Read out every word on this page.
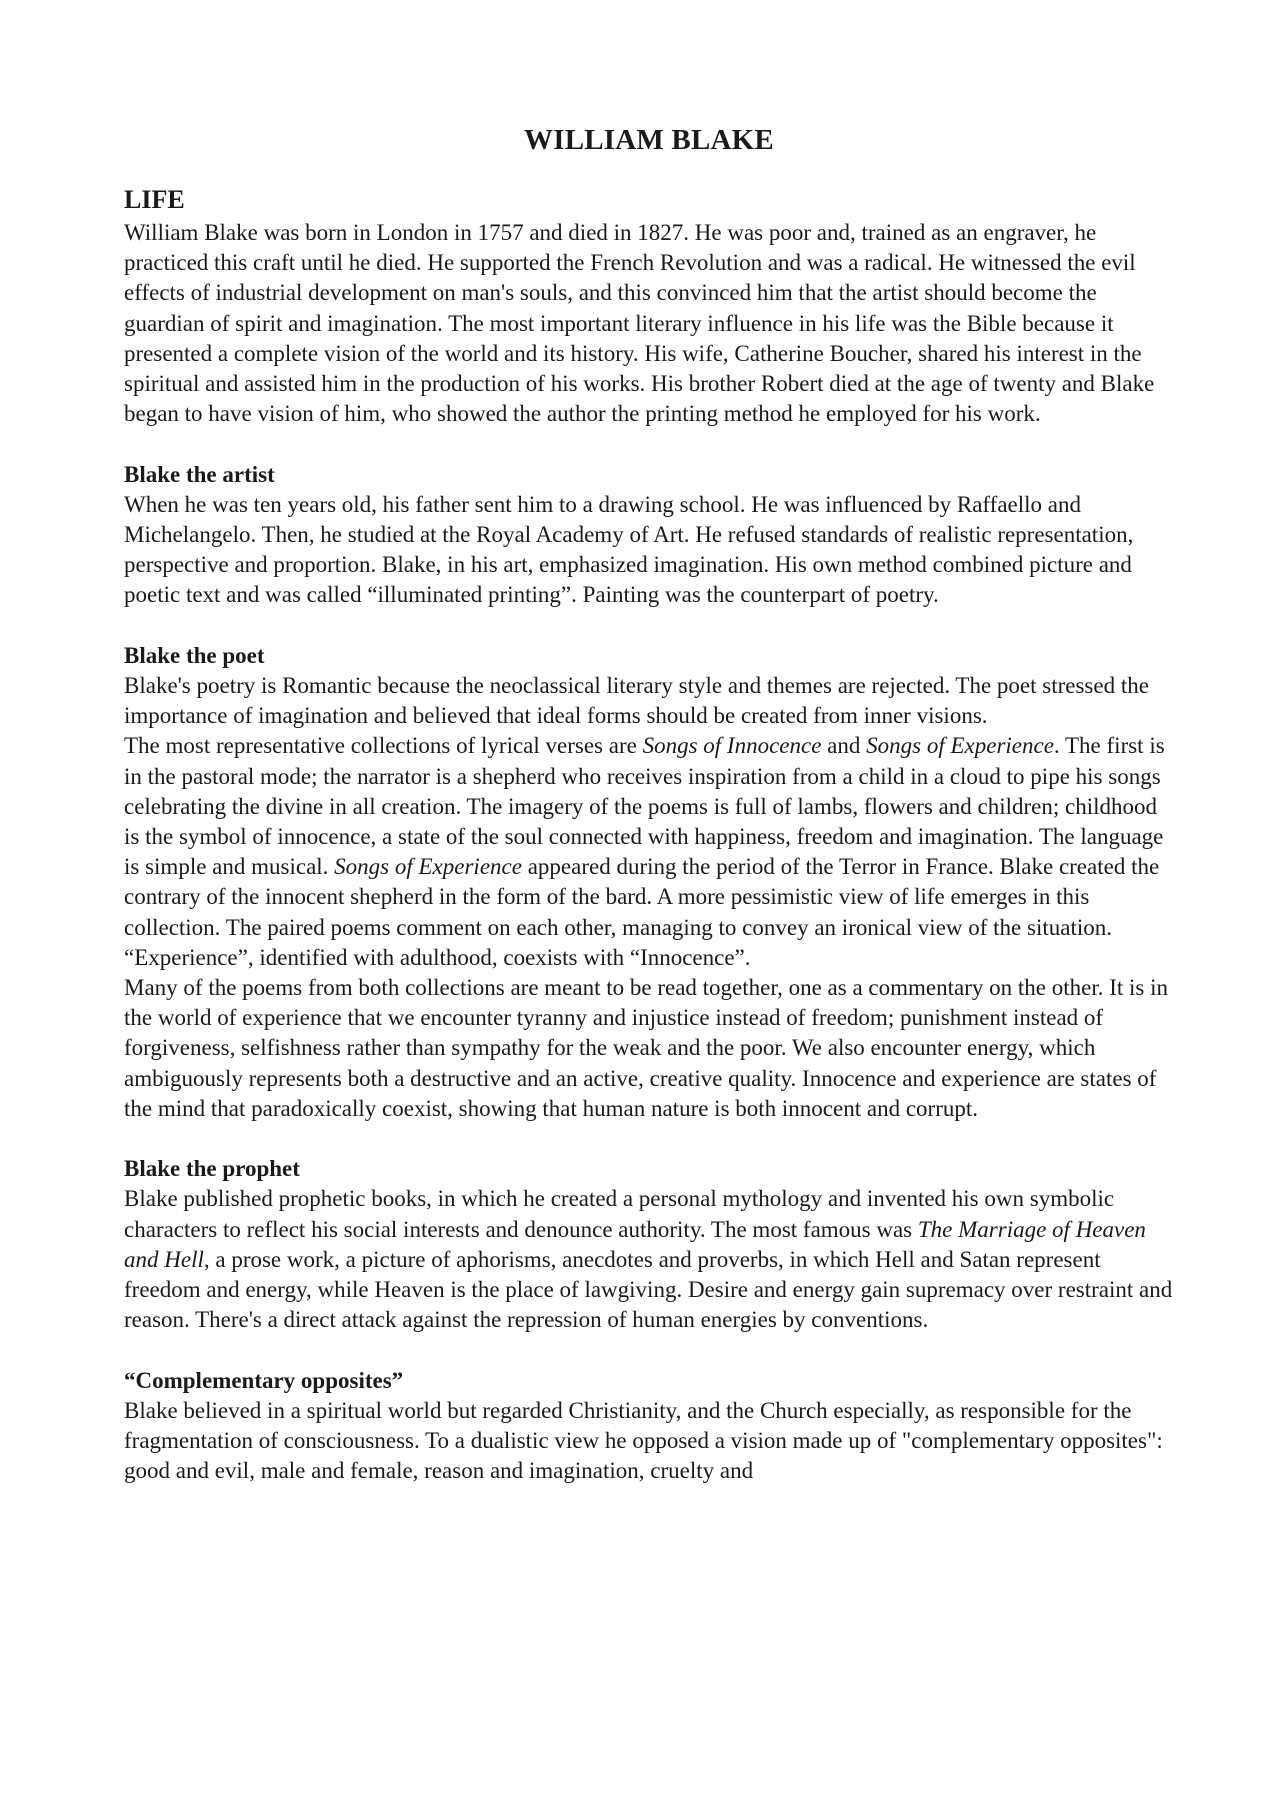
WILLIAM BLAKE
LIFE

William Blake was born in London in 1757 and died in 1827. He was poor and, trained as an engraver, he practiced this craft until he died. He supported the French Revolution and was a radical. He witnessed the evil effects of industrial development on man's souls, and this convinced him that the artist should become the guardian of spirit and imagination. The most important literary influence in his life was the Bible because it presented a complete vision of the world and its history. His wife, Catherine Boucher, shared his interest in the spiritual and assisted him in the production of his works. His brother Robert died at the age of twenty and Blake began to have vision of him, who showed the author the printing method he employed for his work.

Blake the artist

When he was ten years old, his father sent him to a drawing school. He was influenced by Raffaello and Michelangelo. Then, he studied at the Royal Academy of Art. He refused standards of realistic representation, perspective and proportion. Blake, in his art, emphasized imagination. His own method combined picture and poetic text and was called “illuminated printing”. Painting was the counterpart of poetry.

Blake the poet

Blake's poetry is Romantic because the neoclassical literary style and themes are rejected. The poet stressed the importance of imagination and believed that ideal forms should be created from inner visions.

The most representative collections of lyrical verses are Songs of Innocence and Songs of Experience. The first is in the pastoral mode; the narrator is a shepherd who receives inspiration from a child in a cloud to pipe his songs celebrating the divine in all creation. The imagery of the poems is full of lambs, flowers and children; childhood is the symbol of innocence, a state of the soul connected with happiness, freedom and imagination. The language is simple and musical. Songs of Experience appeared during the period of the Terror in France. Blake created the contrary of the innocent shepherd in the form of the bard. A more pessimistic view of life emerges in this collection. The paired poems comment on each other, managing to convey an ironical view of the situation. “Experience”, identified with adulthood, coexists with “Innocence”.

Many of the poems from both collections are meant to be read together, one as a commentary on the other. It is in the world of experience that we encounter tyranny and injustice instead of freedom; punishment instead of forgiveness, selfishness rather than sympathy for the weak and the poor. We also encounter energy, which ambiguously represents both a destructive and an active, creative quality. Innocence and experience are states of the mind that paradoxically coexist, showing that human nature is both innocent and corrupt.

Blake the prophet

Blake published prophetic books, in which he created a personal mythology and invented his own symbolic characters to reflect his social interests and denounce authority. The most famous was The Marriage of Heaven and Hell, a prose work, a picture of aphorisms, anecdotes and proverbs, in which Hell and Satan represent freedom and energy, while Heaven is the place of lawgiving. Desire and energy gain supremacy over restraint and reason. There's a direct attack against the repression of human energies by conventions.

“Complementary opposites”

Blake believed in a spiritual world but regarded Christianity, and the Church especially, as responsible for the fragmentation of consciousness. To a dualistic view he opposed a vision made up of "complementary opposites": good and evil, male and female, reason and imagination, cruelty and
